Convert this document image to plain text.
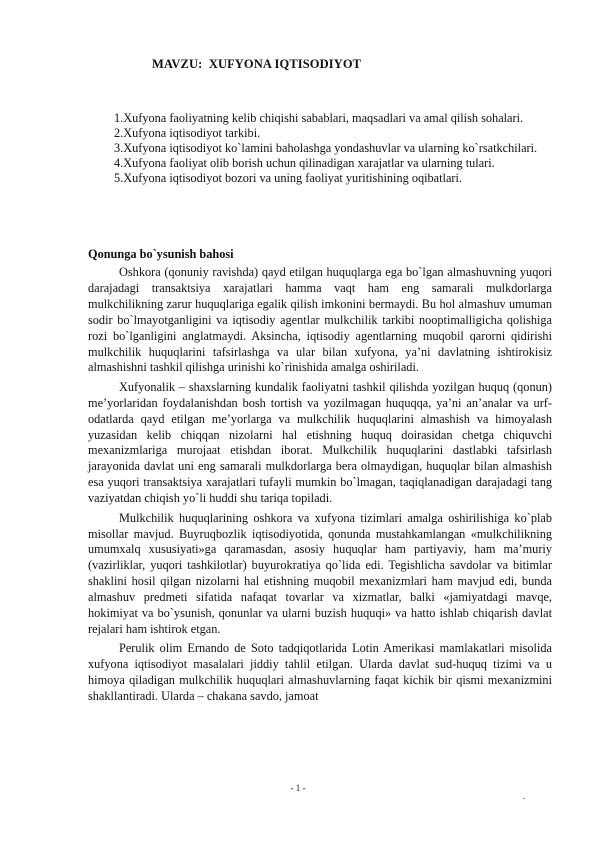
MAVZU:  XUFYONA IQTISODIYOT
1.Xufyona faoliyatning kelib chiqishi sabablari, maqsadlari va amal qilish sohalari.
2.Xufyona iqtisodiyot tarkibi.
3.Xufyona iqtisodiyot ko`lamini baholashga yondashuvlar va ularning ko`rsatkchilari.
4.Xufyona faoliyat olib borish uchun qilinadigan xarajatlar va ularning tulari.
5.Xufyona iqtisodiyot bozori va uning faoliyat yuritishining oqibatlari.
Qonunga bo`ysunish bahosi

Oshkora (qonuniy ravishda) qayd etilgan huquqlarga ega bo`lgan almashuvning yuqori darajadagi transaktsiya xarajatlari hamma vaqt ham eng samarali mulkdorlarga mulkchilikning zarur huquqlariga egalik qilish imkonini bermaydi. Bu hol almashuv umuman sodir bo`lmayotganligini va iqtisodiy agentlar mulkchilik tarkibi nooptimalligicha qolishiga rozi bo`lganligini anglatmaydi. Aksincha, iqtisodiy agentlarning muqobil qarorni qidirishi mulkchilik huquqlarini tafsirlashga va ular bilan xufyona, ya’ni davlatning ishtirokisiz almashishni tashkil qilishga urinishi ko`rinishida amalga oshiriladi.

Xufyonalik – shaxslarning kundalik faoliyatni tashkil qilishda yozilgan huquq (qonun) me’yorlaridan foydalanishdan bosh tortish va yozilmagan huquqqa, ya’ni an’analar va urf-odatlarda qayd etilgan me’yorlarga va mulkchilik huquqlarini almashish va himoyalash yuzasidan kelib chiqqan nizolarni hal etishning huquq doirasidan chetga chiquvchi mexanizmlariga murojaat etishdan iborat. Mulkchilik huquqlarini dastlabki tafsirlash jarayonida davlat uni eng samarali mulkdorlarga bera olmaydigan, huquqlar bilan almashish esa yuqori transaktsiya xarajatlari tufayli mumkin bo`lmagan, taqiqlanadigan darajadagi tang vaziyatdan chiqish yo`li huddi shu tariqa topiladi.

Mulkchilik huquqlarining oshkora va xufyona tizimlari amalga oshirilishiga ko`plab misollar mavjud. Buyruqbozlik iqtisodiyotida, qonunda mustahkamlangan «mulkchilikning umumxalq xususiyati»ga qaramasdan, asosiy huquqlar ham partiyaviy, ham ma’muriy (vazirliklar, yuqori tashkilotlar) buyurokratiya qo`lida edi. Tegishlicha savdolar va bitimlar shaklini hosil qilgan nizolarni hal etishning muqobil mexanizmlari ham mavjud edi, bunda almashuv predmeti sifatida nafaqat tovarlar va xizmatlar, balki «jamiyatdagi mavqe, hokimiyat va bo`ysunish, qonunlar va ularni buzish huquqi» va hatto ishlab chiqarish davlat rejalari ham ishtirok etgan.

Perulik olim Ernando de Soto tadqiqotlarida Lotin Amerikasi mamlakatlari misolida xufyona iqtisodiyot masalalari jiddiy tahlil etilgan. Ularda davlat sud-huquq tizimi va u himoya qiladigan mulkchilik huquqlari almashuvlarning faqat kichik bir qismi mexanizmini shakllantiradi. Ularda – chakana savdo, jamoat

- 1 -
.
